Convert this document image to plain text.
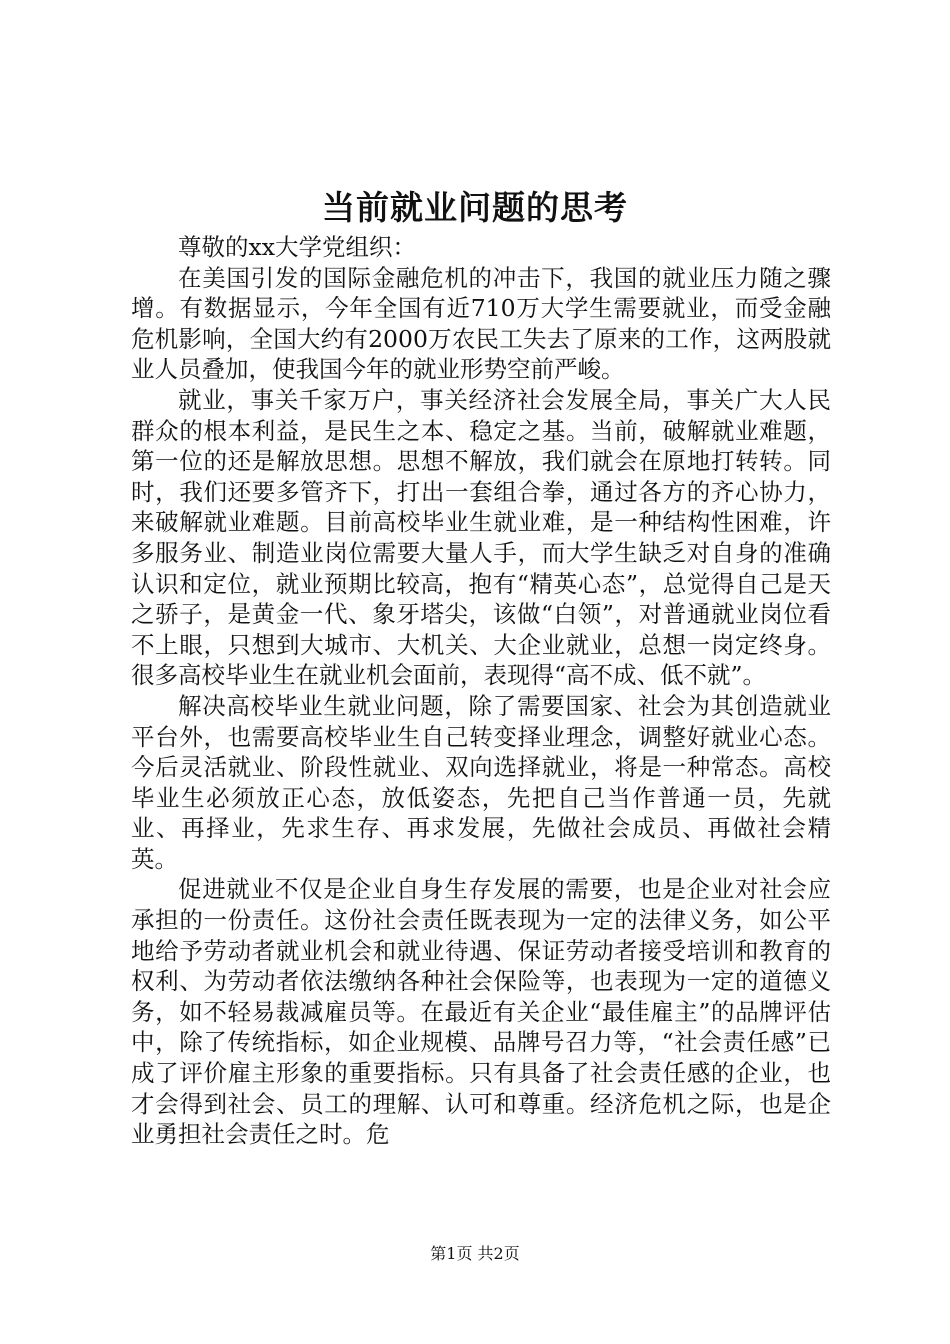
当前就业问题的思考

尊敬的xx大学党组织：

在美国引发的国际金融危机的冲击下，我国的就业压力随之骤增。有数据显示，今年全国有近710万大学生需要就业，而受金融危机影响，全国大约有2000万农民工失去了原来的工作，这两股就业人员叠加，使我国今年的就业形势空前严峻。

就业，事关千家万户，事关经济社会发展全局，事关广大人民群众的根本利益，是民生之本、稳定之基。当前，破解就业难题，第一位的还是解放思想。思想不解放，我们就会在原地打转转。同时，我们还要多管齐下，打出一套组合拳，通过各方的齐心协力，来破解就业难题。目前高校毕业生就业难，是一种结构性困难，许多服务业、制造业岗位需要大量人手，而大学生缺乏对自身的准确认识和定位，就业预期比较高，抱有“精英心态”，总觉得自己是天之骄子，是黄金一代、象牙塔尖，该做“白领”，对普通就业岗位看不上眼，只想到大城市、大机关、大企业就业，总想一岗定终身。很多高校毕业生在就业机会面前，表现得“高不成、低不就”。

解决高校毕业生就业问题，除了需要国家、社会为其创造就业平台外，也需要高校毕业生自己转变择业理念，调整好就业心态。今后灵活就业、阶段性就业、双向选择就业，将是一种常态。高校毕业生必须放正心态，放低姿态，先把自己当作普通一员，先就业、再择业，先求生存、再求发展，先做社会成员、再做社会精英。

促进就业不仅是企业自身生存发展的需要，也是企业对社会应承担的一份责任。这份社会责任既表现为一定的法律义务，如公平地给予劳动者就业机会和就业待遇、保证劳动者接受培训和教育的权利、为劳动者依法缴纳各种社会保险等，也表现为一定的道德义务，如不轻易裁减雇员等。在最近有关企业“最佳雇主”的品牌评估中，除了传统指标，如企业规模、品牌号召力等，“社会责任感”已成了评价雇主形象的重要指标。只有具备了社会责任感的企业，也才会得到社会、员工的理解、认可和尊重。经济危机之际，也是企业勇担社会责任之时。危

第1页 共2页
